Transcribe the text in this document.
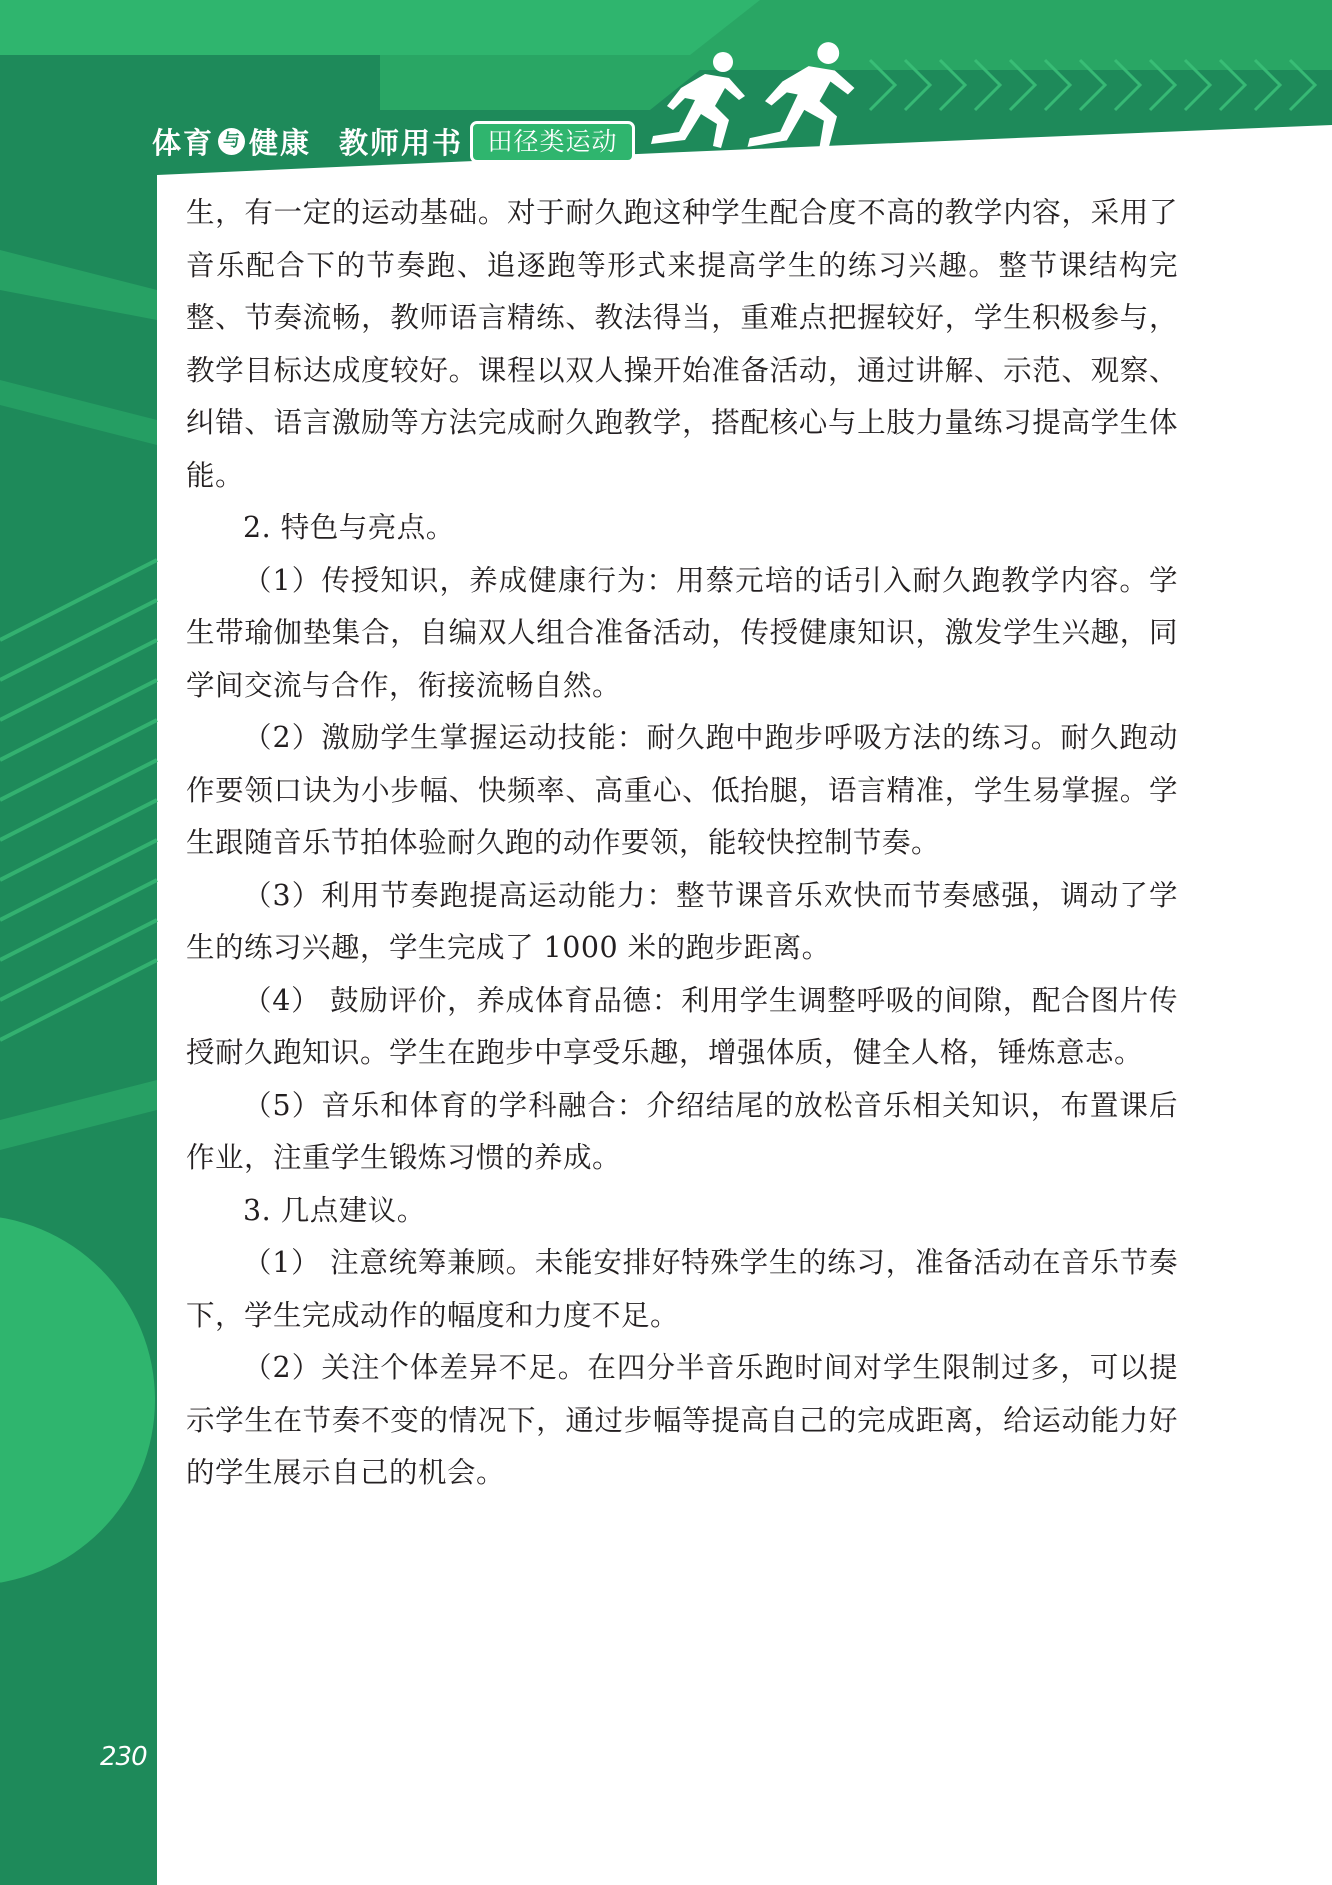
体育 与 健康 教师用书 田径类运动

生，有一定的运动基础。对于耐久跑这种学生配合度不高的教学内容，采用了音乐配合下的节奏跑、追逐跑等形式来提高学生的练习兴趣。整节课结构完整、节奏流畅，教师语言精练、教法得当，重难点把握较好，学生积极参与，教学目标达成度较好。课程以双人操开始准备活动，通过讲解、示范、观察、纠错、语言激励等方法完成耐久跑教学，搭配核心与上肢力量练习提高学生体能。

2. 特色与亮点。

（1）传授知识，养成健康行为：用蔡元培的话引入耐久跑教学内容。学生带瑜伽垫集合，自编双人组合准备活动，传授健康知识，激发学生兴趣，同学间交流与合作，衔接流畅自然。

（2）激励学生掌握运动技能：耐久跑中跑步呼吸方法的练习。耐久跑动作要领口诀为小步幅、快频率、高重心、低抬腿，语言精准，学生易掌握。学生跟随音乐节拍体验耐久跑的动作要领，能较快控制节奏。

（3）利用节奏跑提高运动能力：整节课音乐欢快而节奏感强，调动了学生的练习兴趣，学生完成了 1000 米的跑步距离。

（4） 鼓励评价，养成体育品德：利用学生调整呼吸的间隙，配合图片传授耐久跑知识。学生在跑步中享受乐趣，增强体质，健全人格，锤炼意志。

（5）音乐和体育的学科融合：介绍结尾的放松音乐相关知识，布置课后作业，注重学生锻炼习惯的养成。

3. 几点建议。

（1） 注意统筹兼顾。未能安排好特殊学生的练习，准备活动在音乐节奏下，学生完成动作的幅度和力度不足。

（2）关注个体差异不足。在四分半音乐跑时间对学生限制过多，可以提示学生在节奏不变的情况下，通过步幅等提高自己的完成距离，给运动能力好的学生展示自己的机会。

230
